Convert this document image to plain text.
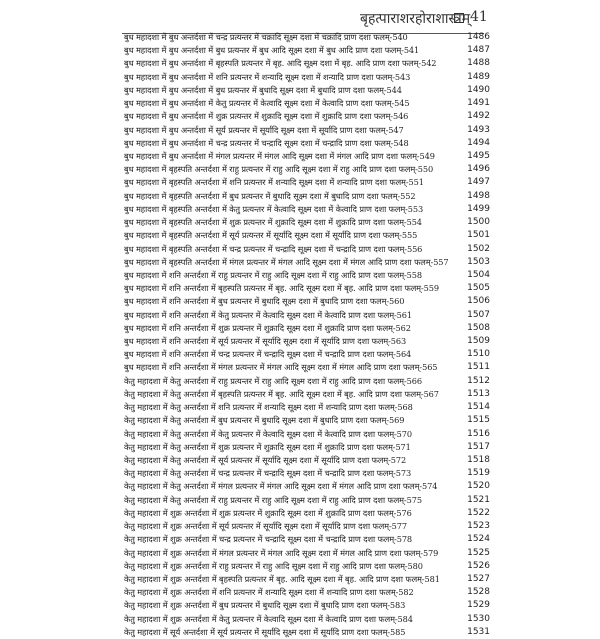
बृहत्पाराशरहोराशास्त्रम् 41
बुध महादशा में बुध अन्तर्दशा में चन्द्र प्रत्यन्तर में चक्रादि सूक्ष्म दशा में चक्रादि प्राण दशा फलम्-540	1486
बुध महादशा में बुध अन्तर्दशा में बुध प्रत्यन्तर में बुध आदि सूक्ष्म दशा में बुध आदि प्राण दशा फलम्-541	1487
बुध महादशा में बुध अन्तर्दशा में बृहस्पति प्रत्यन्तर में बृह. आदि सूक्ष्म दशा में बृह. आदि प्राण दशा फलम्-542	1488
बुध महादशा में बुध अन्तर्दशा में शनि प्रत्यन्तर में शन्यादि सूक्ष्म दशा में शन्यादि प्राण दशा फलम्-543	1489
बुध महादशा में बुध अन्तर्दशा में बुध प्रत्यन्तर में बुधादि सूक्ष्म दशा में बुधादि प्राण दशा फलम्-544	1490
बुध महादशा में बुध अन्तर्दशा में केतु प्रत्यन्तर में केत्वादि सूक्ष्म दशा में केत्वादि प्राण दशा फलम्-545	1491
बुध महादशा में बुध अन्तर्दशा में शुक्र प्रत्यन्तर में शुक्रादि सूक्ष्म दशा में शुक्रादि प्राण दशा फलम्-546	1492
बुध महादशा में बुध अन्तर्दशा में सूर्य प्रत्यन्तर में सूर्यादि सूक्ष्म दशा में सूर्यादि प्राण दशा फलम्-547	1493
बुध महादशा में बुध अन्तर्दशा में चन्द्र प्रत्यन्तर में चन्द्रादि सूक्ष्म दशा में चन्द्रादि प्राण दशा फलम्-548	1494
बुध महादशा में बुध अन्तर्दशा में मंगल प्रत्यन्तर में मंगल आदि सूक्ष्म दशा में मंगल आदि प्राण दशा फलम्-549	1495
बुध महादशा में बृहस्पति अन्तर्दशा में राहु प्रत्यन्तर में राहु आदि सूक्ष्म दशा में राहु आदि प्राण दशा फलम्-550	1496
बुध महादशा में बृहस्पति अन्तर्दशा में शनि प्रत्यन्तर में शन्यादि सूक्ष्म दशा में शन्यादि प्राण दशा फलम्-551	1497
बुध महादशा में बृहस्पति अन्तर्दशा में बुध प्रत्यन्तर में बुधादि सूक्ष्म दशा में बुधादि प्राण दशा फलम्-552	1498
बुध महादशा में बृहस्पति अन्तर्दशा में केतु प्रत्यन्तर में केत्वादि सूक्ष्म दशा में केत्वादि प्राण दशा फलम्-553	1499
बुध महादशा में बृहस्पति अन्तर्दशा में शुक्र प्रत्यन्तर में शुक्रादि सूक्ष्म दशा में शुक्रादि प्राण दशा फलम्-554	1500
बुध महादशा में बृहस्पति अन्तर्दशा में सूर्य प्रत्यन्तर में सूर्यादि सूक्ष्म दशा में सूर्यादि प्राण दशा फलम्-555	1501
बुध महादशा में बृहस्पति अन्तर्दशा में चन्द्र प्रत्यन्तर में चन्द्रादि सूक्ष्म दशा में चन्द्रादि प्राण दशा फलम्-556	1502
बुध महादशा में बृहस्पति अन्तर्दशा में मंगल प्रत्यन्तर में मंगल आदि सूक्ष्म दशा में मंगल आदि प्राण दशा फलम्-557	1503
बुध महादशा में शनि अन्तर्दशा में राहु प्रत्यन्तर में राहु आदि सूक्ष्म दशा में राहु आदि प्राण दशा फलम्-558	1504
बुध महादशा में शनि अन्तर्दशा में बृहस्पति प्रत्यन्तर में बृह. आदि सूक्ष्म दशा में बृह. आदि प्राण दशा फलम्-559	1505
बुध महादशा में शनि अन्तर्दशा में बुध प्रत्यन्तर में बुधादि सूक्ष्म दशा में बुधादि प्राण दशा फलम्-560	1506
बुध महादशा में शनि अन्तर्दशा में केतु प्रत्यन्तर में केत्वादि सूक्ष्म दशा में केत्वादि प्राण दशा फलम्-561	1507
बुध महादशा में शनि अन्तर्दशा में शुक्र प्रत्यन्तर में शुक्रादि सूक्ष्म दशा में शुक्रादि प्राण दशा फलम्-562	1508
बुध महादशा में शनि अन्तर्दशा में सूर्य प्रत्यन्तर में सूर्यादि सूक्ष्म दशा में सूर्यादि प्राण दशा फलम्-563	1509
बुध महादशा में शनि अन्तर्दशा में चन्द्र प्रत्यन्तर में चन्द्रादि सूक्ष्म दशा में चन्द्रादि प्राण दशा फलम्-564	1510
बुध महादशा में शनि अन्तर्दशा में मंगल प्रत्यन्तर में मंगल आदि सूक्ष्म दशा में मंगल आदि प्राण दशा फलम्-565	1511
केतु महादशा में केतु अन्तर्दशा में राहु प्रत्यन्तर में राहु आदि सूक्ष्म दशा में राहु आदि प्राण दशा फलम्-566	1512
केतु महादशा में केतु अन्तर्दशा में बृहस्पति प्रत्यन्तर में बृह. आदि सूक्ष्म दशा में बृह. आदि प्राण दशा फलम्-567	1513
केतु महादशा में केतु अन्तर्दशा में शनि प्रत्यन्तर में शन्यादि सूक्ष्म दशा में शन्यादि प्राण दशा फलम्-568	1514
केतु महादशा में केतु अन्तर्दशा में बुध प्रत्यन्तर में बुधादि सूक्ष्म दशा में बुधादि प्राण दशा फलम्-569	1515
केतु महादशा में केतु अन्तर्दशा में केतु प्रत्यन्तर में केत्वादि सूक्ष्म दशा में केत्वादि प्राण दशा फलम्-570	1516
केतु महादशा में केतु अन्तर्दशा में शुक्र प्रत्यन्तर में शुक्रादि सूक्ष्म दशा में शुक्रादि प्राण दशा फलम्-571	1517
केतु महादशा में केतु अन्तर्दशा में सूर्य प्रत्यन्तर में सूर्यादि सूक्ष्म दशा में सूर्यादि प्राण दशा फलम्-572	1518
केतु महादशा में केतु अन्तर्दशा में चन्द्र प्रत्यन्तर में चन्द्रादि सूक्ष्म दशा में चन्द्रादि प्राण दशा फलम्-573	1519
केतु महादशा में केतु अन्तर्दशा में मंगल प्रत्यन्तर में मंगल आदि सूक्ष्म दशा में मंगल आदि प्राण दशा फलम्-574	1520
केतु महादशा में केतु अन्तर्दशा में राहु प्रत्यन्तर में राहु आदि सूक्ष्म दशा में राहु आदि प्राण दशा फलम्-575	1521
केतु महादशा में शुक्र अन्तर्दशा में शुक्र प्रत्यन्तर में शुक्रादि सूक्ष्म दशा में शुक्रादि प्राण दशा फलम्-576	1522
केतु महादशा में शुक्र अन्तर्दशा में सूर्य प्रत्यन्तर में सूर्यादि सूक्ष्म दशा में सूर्यादि प्राण दशा फलम्-577	1523
केतु महादशा में शुक्र अन्तर्दशा में चन्द्र प्रत्यन्तर में चन्द्रादि सूक्ष्म दशा में चन्द्रादि प्राण दशा फलम्-578	1524
केतु महादशा में शुक्र अन्तर्दशा में मंगल प्रत्यन्तर में मंगल आदि सूक्ष्म दशा में मंगल आदि प्राण दशा फलम्-579	1525
केतु महादशा में शुक्र अन्तर्दशा में राहु प्रत्यन्तर में राहु आदि सूक्ष्म दशा में राहु आदि प्राण दशा फलम्-580	1526
केतु महादशा में शुक्र अन्तर्दशा में बृहस्पति प्रत्यन्तर में बृह. आदि सूक्ष्म दशा में बृह. आदि प्राण दशा फलम्-581	1527
केतु महादशा में शुक्र अन्तर्दशा में शनि प्रत्यन्तर में शन्यादि सूक्ष्म दशा में शन्यादि प्राण दशा फलम्-582	1528
केतु महादशा में शुक्र अन्तर्दशा में बुध प्रत्यन्तर में बुधादि सूक्ष्म दशा में बुधादि प्राण दशा फलम्-583	1529
केतु महादशा में शुक्र अन्तर्दशा में केतु प्रत्यन्तर में केत्वादि सूक्ष्म दशा में केत्वादि प्राण दशा फलम्-584	1530
केतु महादशा में सूर्य अन्तर्दशा में सूर्य प्रत्यन्तर में सूर्यादि सूक्ष्म दशा में सूर्यादि प्राण दशा फलम्-585	1531
